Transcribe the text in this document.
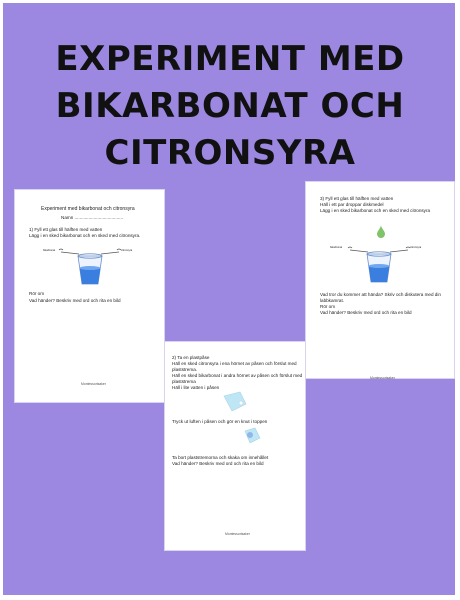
EXPERIMENT MED
BIKARBONAT OCH
CITRONSYRA
Experiment med bikarbonat och citronsyra
Namn ......................................
1) Fyll ett glas till hälften med vatten
Lägg i en sked bikarbonat och en sked med citronsyra.
bikarbonat	citronsyra
Rör om
Vad händer? Beskriv med ord och rita en bild
Montessorisaker
3) Fyll ett glas till hälften med vatten
Häll i ett par droppar diskmedel
Lägg i en sked bikarbonat och en sked med citronsyra
bikarbonat	citronsyra
Vad tror du kommer att hända? Skriv och diskutera med din
labbkamrat.
Rör om
Vad händer? Beskriv med ord och rita en bild
Montessorisaker
2) Ta en plastpåse
Häll en sked citronsyra i ena hörnet av påsen och förslut med
plaststrema.
Häll en sked bikarbonat i andra hörnet av påsen och förslut med
plaststrema
Häll i lite vatten i påsen
Tryck ut luften i påsen och gör en knut i toppen
Ta bort plaststremorna och skaka om innehållet
Vad händer? Beskriv med ord och rita en bild
Montessorisaker
